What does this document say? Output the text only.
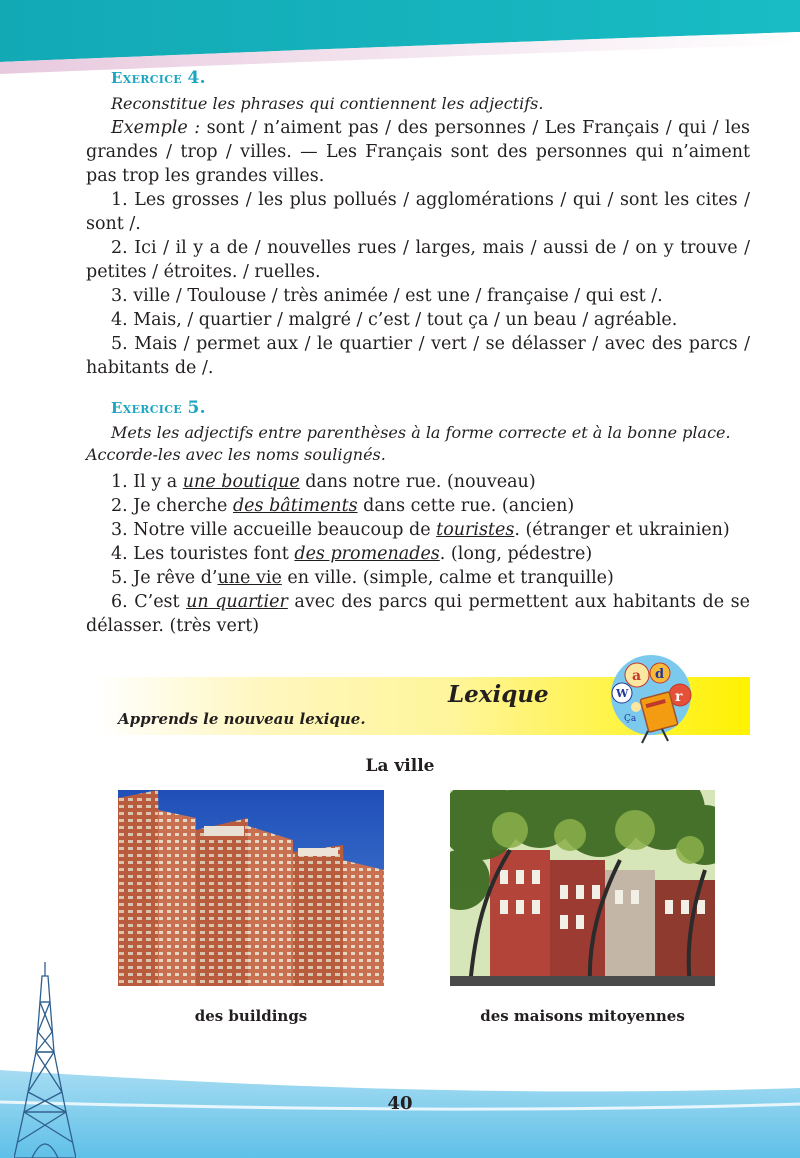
Exercice 4.

Reconstitue les phrases qui contiennent les adjectifs.

Exemple : sont / n’aiment pas / des personnes / Les Français / qui / les grandes / trop / villes. — Les Français sont des personnes qui n’aiment pas trop les grandes villes.

1. Les grosses / les plus pollués / agglomérations / qui / sont les cites / sont /.

2. Ici / il y a de / nouvelles rues / larges, mais / aussi de / on y trouve / petites / étroites. / ruelles.

3. ville / Toulouse / très animée / est une / française / qui est /.

4. Mais, / quartier / malgré / c’est / tout ça / un beau / agréable.

5. Mais / permet aux / le quartier / vert / se délasser / avec des parcs / habitants de /.

Exercice 5.

Mets les adjectifs entre parenthèses à la forme correcte et à la bonne place. Accorde-les avec les noms soulignés.

1. Il y a une boutique dans notre rue. (nouveau)

2. Je cherche des bâtiments dans cette rue. (ancien)

3. Notre ville accueille beaucoup de touristes. (étranger et ukrainien)

4. Les touristes font des promenades. (long, pédestre)

5. Je rêve d’une vie en ville. (simple, calme et tranquille)

6. C’est un quartier avec des parcs qui permettent aux habitants de se délasser. (très vert)

Lexique
Apprends le nouveau lexique.
a d
W	r
Ça
La ville
des buildings	des maisons mitoyennes
40
